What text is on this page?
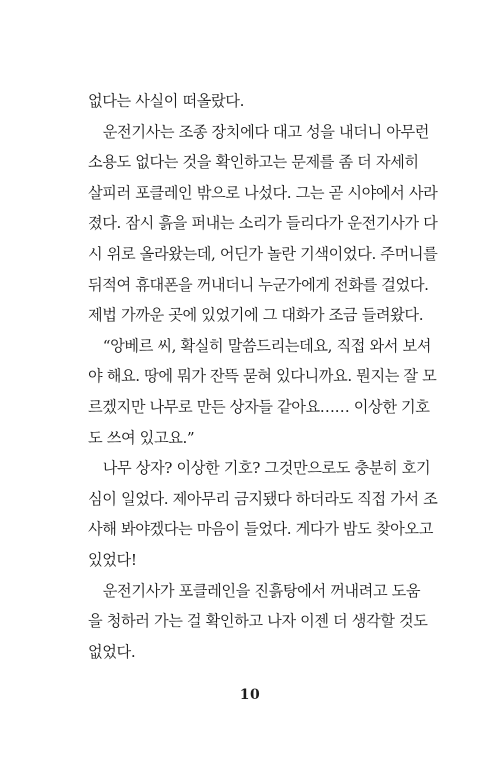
없다는 사실이 떠올랐다.
　운전기사는 조종 장치에다 대고 성을 내더니 아무런
소용도 없다는 것을 확인하고는 문제를 좀 더 자세히
살피러 포클레인 밖으로 나섰다. 그는 곧 시야에서 사라
졌다. 잠시 흙을 퍼내는 소리가 들리다가 운전기사가 다
시 위로 올라왔는데, 어딘가 놀란 기색이었다. 주머니를
뒤적여 휴대폰을 꺼내더니 누군가에게 전화를 걸었다.
제법 가까운 곳에 있었기에 그 대화가 조금 들려왔다.
　“앙베르 씨, 확실히 말씀드리는데요, 직접 와서 보셔
야 해요. 땅에 뭐가 잔뜩 묻혀 있다니까요. 뭔지는 잘 모
르겠지만 나무로 만든 상자들 같아요…… 이상한 기호
도 쓰여 있고요.”
　나무 상자? 이상한 기호? 그것만으로도 충분히 호기
심이 일었다. 제아무리 금지됐다 하더라도 직접 가서 조
사해 봐야겠다는 마음이 들었다. 게다가 밤도 찾아오고
있었다!
　운전기사가 포클레인을 진흙탕에서 꺼내려고 도움
을 청하러 가는 걸 확인하고 나자 이젠 더 생각할 것도
없었다.
10
